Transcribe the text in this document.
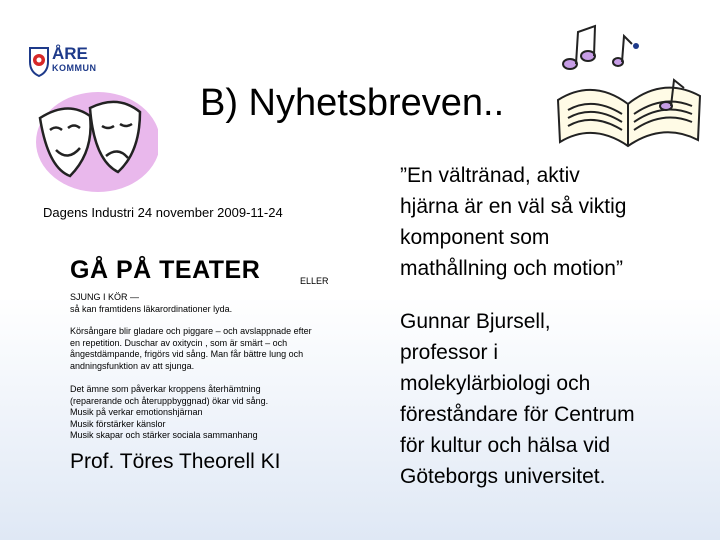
ÅRE
KOMMUN
B) Nyhetsbreven..
Dagens Industri 24 november 2009-11-24
GÅ PÅ TEATER	ELLER
SJUNG I KÖR —
så kan framtidens läkarordinationer lyda.
Körsångare blir gladare och piggare – och avslappnade efter
en repetition. Duschar av oxitycin , som är smärt – och
ångestdämpande, frigörs vid sång. Man får bättre lung och
andningsfunktion av att sjunga.
Det ämne som påverkar kroppens återhämtning
(reparerande och återuppbyggnad) ökar vid sång.
Musik på verkar emotionshjärnan
Musik förstärker känslor
Musik skapar och stärker sociala sammanhang
Prof. Töres Theorell KI
”En vältränad, aktiv
hjärna är en väl så viktig
komponent som
mathållning och motion”
Gunnar Bjursell,
professor i
molekylärbiologi och
föreståndare för Centrum
för kultur och hälsa vid
Göteborgs universitet.
